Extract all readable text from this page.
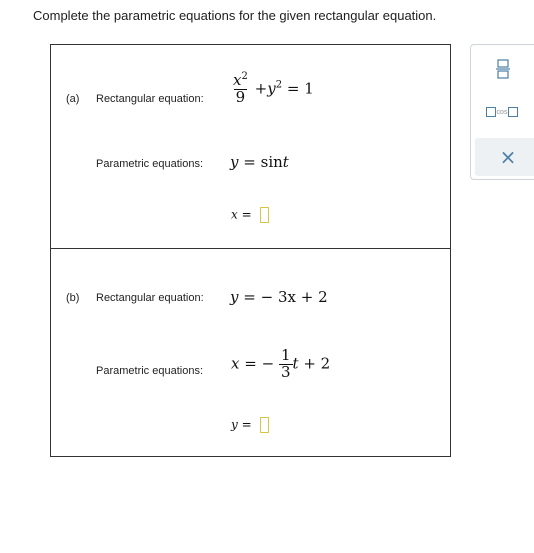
Complete the parametric equations for the given rectangular equation.
(a) Rectangular equation: $\frac{x^2}{9} +y^2 = 1$
Parametric equations: y = sint
x =
(b) Rectangular equation: y = − 3x + 2
Parametric equations: x = − $\frac{1}{3}$ t + 2
y =
cos
×
